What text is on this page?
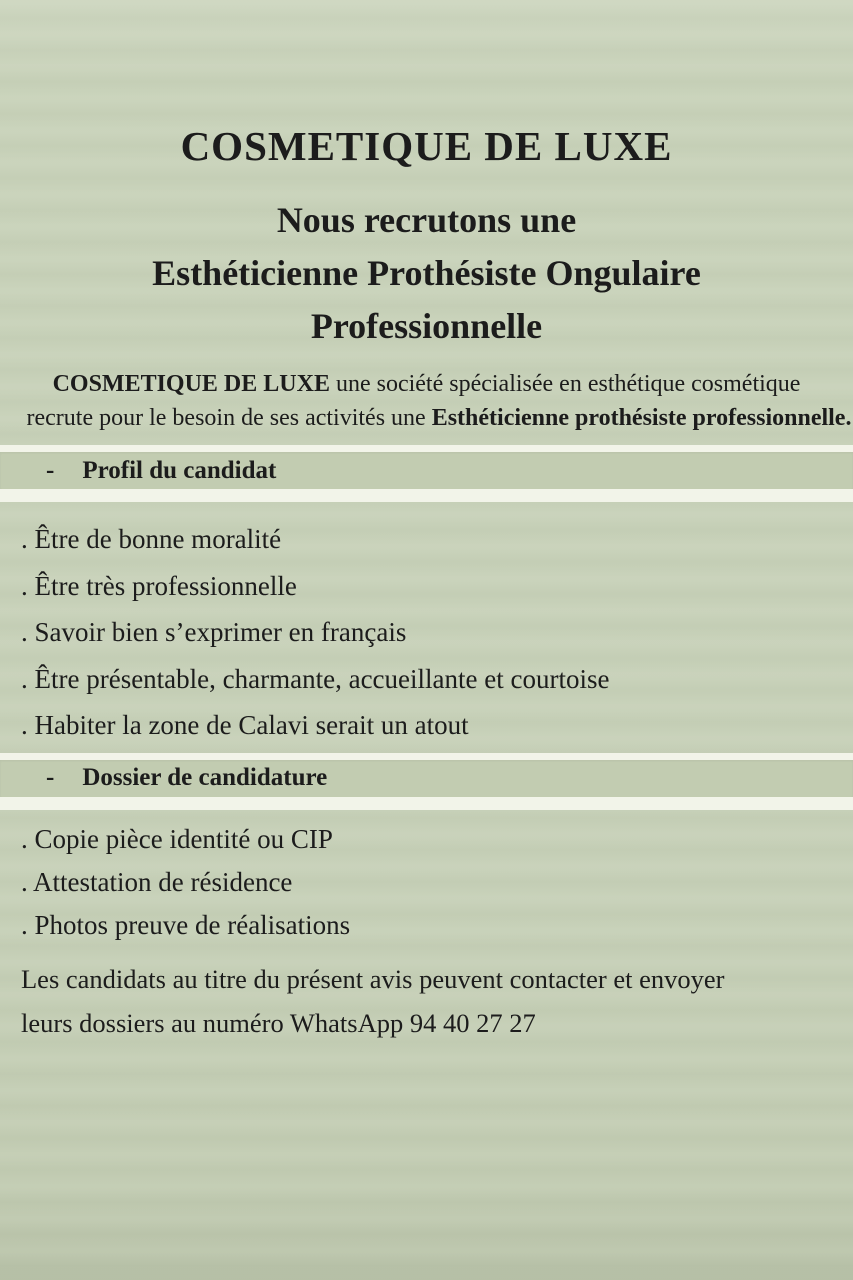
COSMETIQUE DE LUXE
Nous recrutons une
Esthéticienne Prothésiste Ongulaire
Professionnelle

COSMETIQUE DE LUXE une société spécialisée en esthétique cosmétique
recrute pour le besoin de ses activités une Esthéticienne prothésiste professionnelle.

-	Profil du candidat
. Être de bonne moralité
. Être très professionnelle
. Savoir bien s’exprimer en français
. Être présentable, charmante, accueillante et courtoise
. Habiter la zone de Calavi serait un atout
-	Dossier de candidature
. Copie pièce identité ou CIP
. Attestation de résidence
. Photos preuve de réalisations

Les candidats au titre du présent avis peuvent contacter et envoyer
leurs dossiers au numéro WhatsApp 94 40 27 27
